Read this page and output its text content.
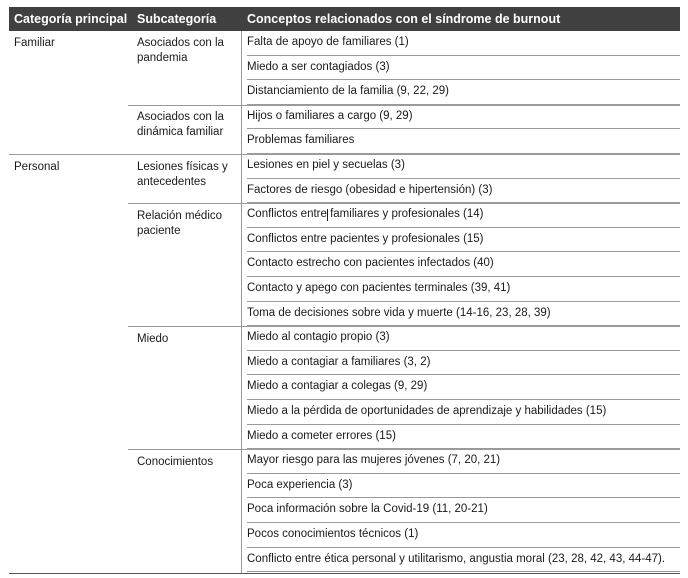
Categoría principal Subcategoría Conceptos relacionados con el síndrome de burnout
Familiar
Personal
Asociados con la pandemia
Asociados con la dinámica familiar
Lesiones físicas y antecedentes
Relación médico paciente
Miedo
Conocimientos
Falta de apoyo de familiares (1)
Miedo a ser contagiados (3)
Distanciamiento de la familia (9, 22, 29)
Hijos o familiares a cargo (9, 29)
Problemas familiares
Lesiones en piel y secuelas (3)
Factores de riesgo (obesidad e hipertensión) (3)
Conflictos entre familiares y profesionales (14)
Conflictos entre pacientes y profesionales (15)
Contacto estrecho con pacientes infectados (40)
Contacto y apego con pacientes terminales (39, 41)
Toma de decisiones sobre vida y muerte (14-16, 23, 28, 39)
Miedo al contagio propio (3)
Miedo a contagiar a familiares (3, 2)
Miedo a contagiar a colegas (9, 29)
Miedo a la pérdida de oportunidades de aprendizaje y habilidades (15)
Miedo a cometer errores (15)
Mayor riesgo para las mujeres jóvenes (7, 20, 21)
Poca experiencia (3)
Poca información sobre la Covid-19 (11, 20-21)
Pocos conocimientos técnicos (1)
Conflicto entre ética personal y utilitarismo, angustia moral (23, 28, 42, 43, 44-47).
